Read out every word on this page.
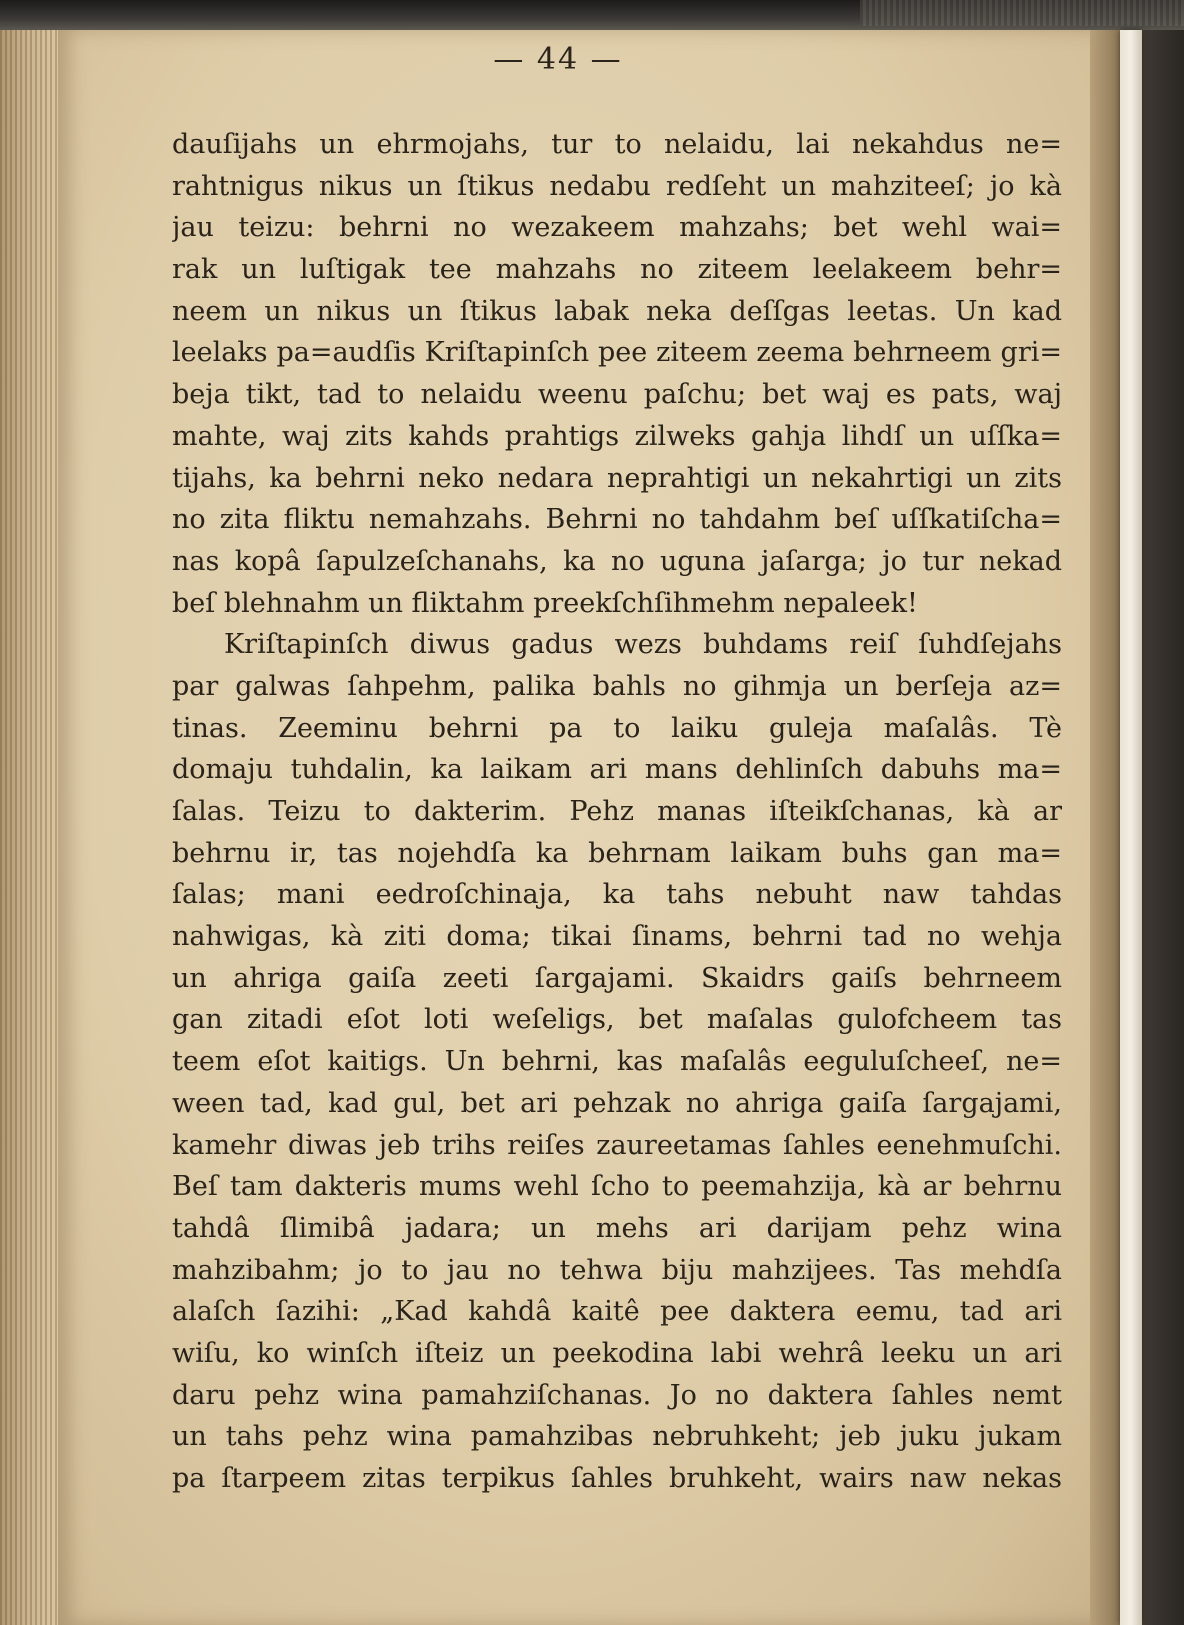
— 44 —
dauſijahs un ehrmojahs, tur to nelaidu, lai nekahdus ne=
rahtnigus nikus un ſtikus nedabu redſeht un mahziteeſ; jo kà
jau teizu: behrni no wezakeem mahzahs; bet wehl wai=
rak un luſtigak tee mahzahs no ziteem leelakeem behr=
neem un nikus un ſtikus labak neka deſſgas leetas. Un kad
leelaks pa=audſis Kriſtapinſch pee ziteem zeema behrneem gri=
beja tikt, tad to nelaidu weenu paſchu; bet waj es pats, waj
mahte, waj zits kahds prahtigs zilweks gahja lihdſ un uſſka=
tijahs, ka behrni neko nedara neprahtigi un nekahrtigi un zits
no zita fliktu nemahzahs. Behrni no tahdahm beſ uſſkatiſcha=
nas kopâ ſapulzeſchanahs, ka no uguna jaſarga; jo tur nekad
beſ blehnahm un fliktahm preekſchſihmehm nepaleek!
Kriſtapinſch diwus gadus wezs buhdams reiſ ſuhdſejahs
par galwas ſahpehm, palika bahls no gihmja un berſeja az=
tinas. Zeeminu behrni pa to laiku guleja maſalâs. Tè
domaju tuhdalin, ka laikam ari mans dehlinſch dabuhs ma=
ſalas. Teizu to dakterim. Pehz manas iſteikſchanas, kà ar
behrnu ir, tas nojehdſa ka behrnam laikam buhs gan ma=
ſalas; mani eedroſchinaja, ka tahs nebuht naw tahdas
nahwigas, kà ziti doma; tikai ſinams, behrni tad no wehja
un ahriga gaiſa zeeti ſargajami. Skaidrs gaiſs behrneem
gan zitadi eſot loti weſeligs, bet maſalas gulofcheem tas
teem eſot kaitigs. Un behrni, kas maſalâs eeguluſcheeſ, ne=
ween tad, kad gul, bet ari pehzak no ahriga gaiſa ſargajami,
kamehr diwas jeb trihs reiſes zaureetamas ſahles eenehmuſchi.
Beſ tam dakteris mums wehl ſcho to peemahzija, kà ar behrnu
tahdâ ſlimibâ jadara; un mehs ari darijam pehz wina
mahzibahm; jo to jau no tehwa biju mahzijees. Tas mehdſa
alaſch ſazihi: „Kad kahdâ kaitê pee daktera eemu, tad ari
wiſu, ko winſch iſteiz un peekodina labi wehrâ leeku un ari
daru pehz wina pamahziſchanas. Jo no daktera ſahles nemt
un tahs pehz wina pamahzibas nebruhkeht; jeb juku jukam
pa ſtarpeem zitas terpikus ſahles bruhkeht, wairs naw nekas
